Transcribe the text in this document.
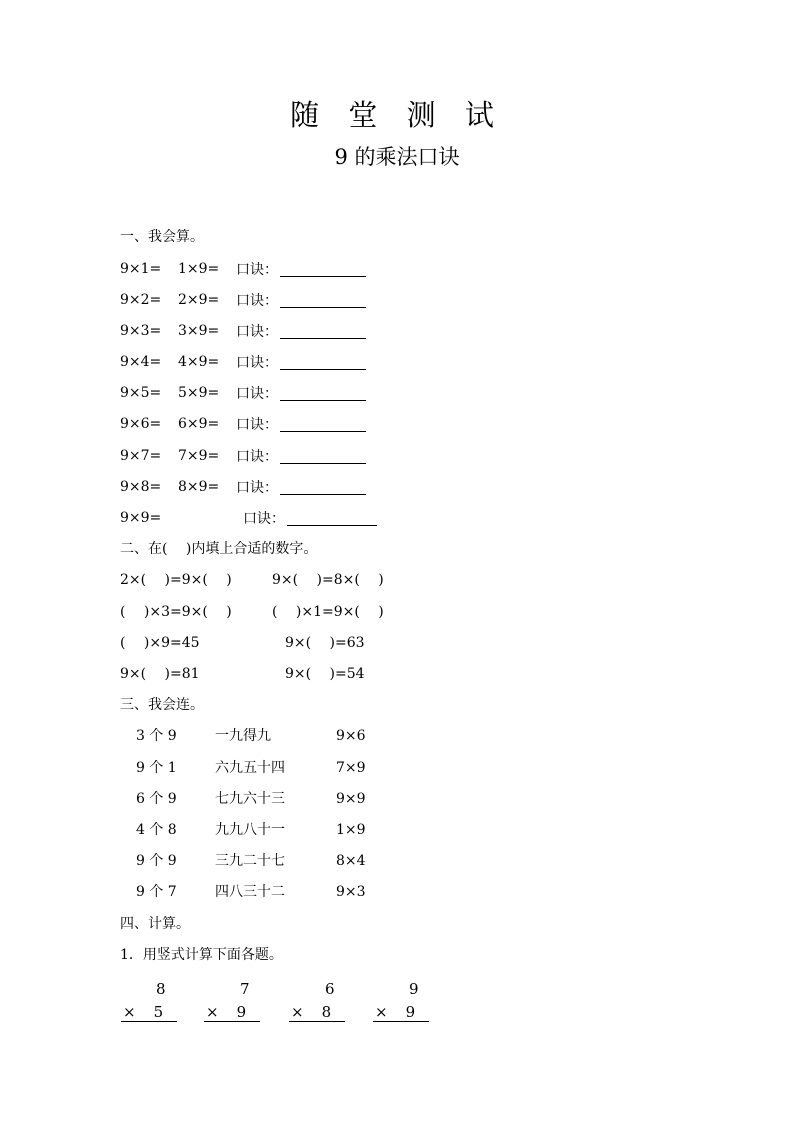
随 堂 测 试
9 的乘法口诀
一、我会算。
9×1= 1×9= 口诀：
9×2= 2×9= 口诀：
9×3= 3×9= 口诀：
9×4= 4×9= 口诀：
9×5= 5×9= 口诀：
9×6= 6×9= 口诀：
9×7= 7×9= 口诀：
9×8= 8×9= 口诀：
9×9=	口诀：
二、在(　 )内填上合适的数字。
2×(　 )=9×(　 )	9×(　 )=8×(　 )
(　 )×3=9×(　 )	(　 )×1=9×(　 )
(　 )×9=45	9×(　 )=63
9×(　 )=81	9×(　 )=54
三、我会连。
3 个 9	一九得九	9×6
9 个 1	六九五十四	7×9
6 个 9	七九六十三	9×9
4 个 8	九九八十一	1×9
9 个 9	三九二十七	8×4
9 个 7	四八三十二	9×3
四、计算。
1．用竖式计算下面各题。
8
× 5
7
× 9
6
× 8
9
× 9
